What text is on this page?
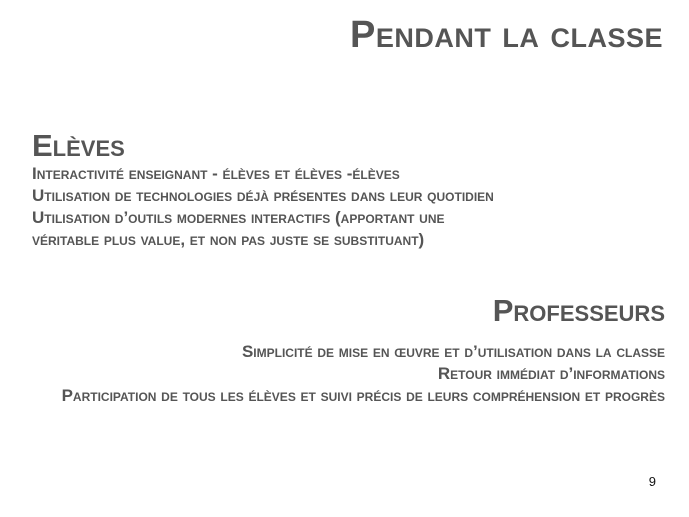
Pendant la classe
Elèves
Interactivité enseignant - élèves et élèves -élèves
Utilisation de technologies déjà présentes dans leur quotidien
Utilisation d’outils modernes interactifs (apportant une
véritable plus value, et non pas juste se substituant)
Professeurs
Simplicité de mise en œuvre et d’utilisation dans la classe
Retour immédiat d’informations
Participation de tous les élèves et suivi précis de leurs compréhension et progrès
9
